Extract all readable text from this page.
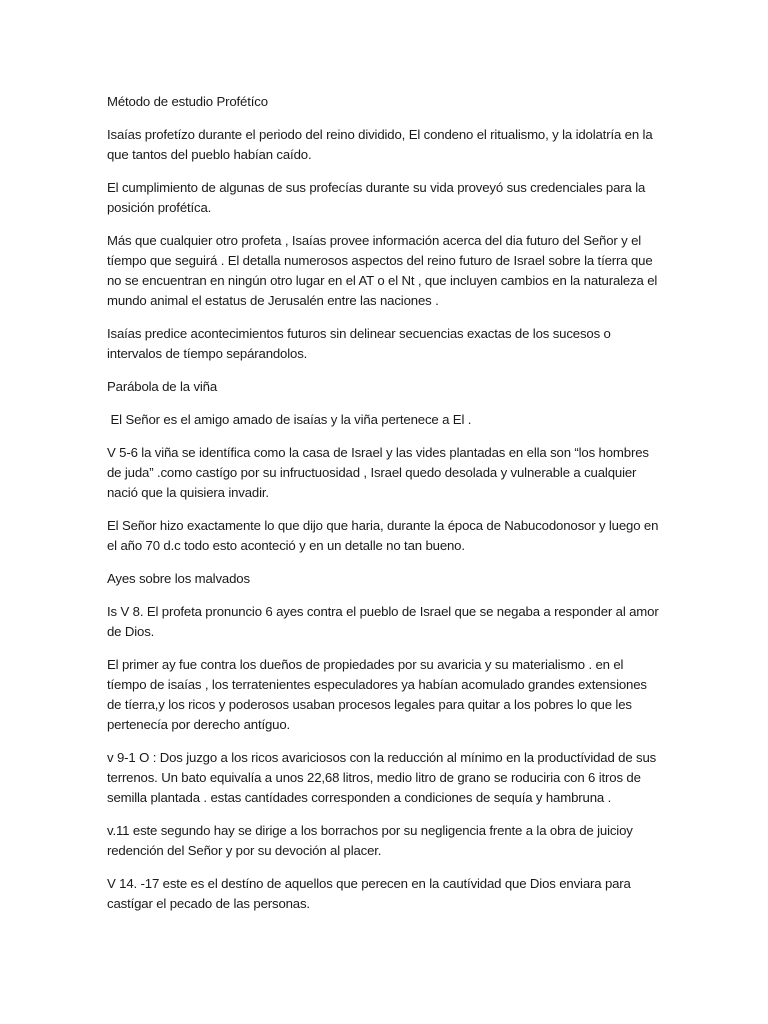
Método de estudio Profétíco

Isaías profetízo durante el periodo del reino dividido, El condeno el ritualismo, y la idolatría en la que tantos del pueblo habían caído.

El cumplimiento de algunas de sus profecías durante su vida proveyó sus credenciales para la posición profétíca.

Más que cualquier otro profeta , Isaías provee información acerca del dia futuro del Señor y el tíempo que seguirá . El detalla numerosos aspectos del reino futuro de Israel sobre la tíerra que no se encuentran en ningún otro lugar en el AT o el Nt , que incluyen cambios en la naturaleza el mundo animal el estatus de Jerusalén entre las naciones .

Isaías predice acontecimientos futuros sin delinear secuencias exactas de los sucesos o intervalos de tíempo sepárandolos.

Parábola de la viña

El Señor es el amigo amado de isaías y la viña pertenece a El .

V 5-6 la viña se identífica como la casa de Israel y las vides plantadas en ella son “los hombres de juda” .como castígo por su infructuosidad , Israel quedo desolada y vulnerable a cualquier nació que la quisiera invadir.

El Señor hizo exactamente lo que dijo que haria, durante la época de Nabucodonosor y luego en el año 70 d.c todo esto aconteció y en un detalle no tan bueno.

Ayes sobre los malvados

Is V 8. El profeta pronuncio 6 ayes contra el pueblo de Israel que se negaba a responder al amor de Dios.

El primer ay fue contra los dueños de propiedades por su avaricia y su materialismo . en el tíempo de isaías , los terratenientes especuladores ya habían acomulado grandes extensiones de tíerra,y los ricos y poderosos usaban procesos legales para quitar a los pobres lo que les pertenecía por derecho antíguo.

v 9-1 O : Dos juzgo a los ricos avariciosos con la reducción al mínimo en la productívidad de sus terrenos. Un bato equivalía a unos 22,68 litros, medio litro de grano se roduciria con 6 itros de semilla plantada . estas cantídades corresponden a condiciones de sequía y hambruna .

v.11 este segundo hay se dirige a los borrachos por su negligencia frente a la obra de juicioy redención del Señor y por su devoción al placer.

V 14. -17 este es el destíno de aquellos que perecen en la cautívidad que Dios enviara para castígar el pecado de las personas.
